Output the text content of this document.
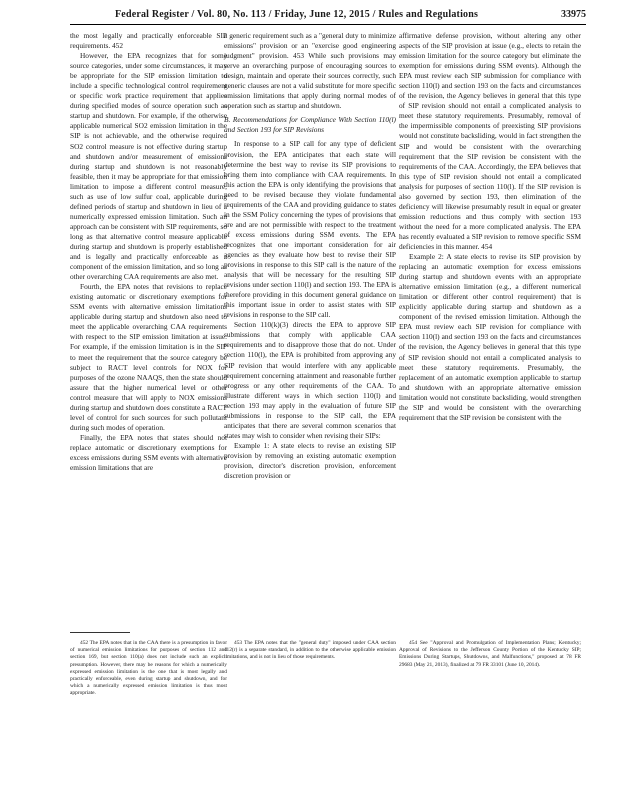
Federal Register / Vol. 80, No. 113 / Friday, June 12, 2015 / Rules and Regulations	33975

the most legally and practically enforceable SIP requirements. 452

However, the EPA recognizes that for some source categories, under some circumstances, it may be appropriate for the SIP emission limitation to include a specific technological control requirement or specific work practice requirement that applies during specified modes of source operation such as startup and shutdown. For example, if the otherwise applicable numerical SO2 emission limitation in the SIP is not achievable, and the otherwise required SO2 control measure is not effective during startup and shutdown and/or measurement of emissions during startup and shutdown is not reasonably feasible, then it may be appropriate for that emission limitation to impose a different control measure, such as use of low sulfur coal, applicable during defined periods of startup and shutdown in lieu of a numerically expressed emission limitation. Such an approach can be consistent with SIP requirements, so long as that alternative control measure applicable during startup and shutdown is properly established and is legally and practically enforceable as a component of the emission limitation, and so long as other overarching CAA requirements are also met.

Fourth, the EPA notes that revisions to replace existing automatic or discretionary exemptions for SSM events with alternative emission limitations applicable during startup and shutdown also need to meet the applicable overarching CAA requirements with respect to the SIP emission limitation at issue. For example, if the emission limitation is in the SIP to meet the requirement that the source category be subject to RACT level controls for NOX for purposes of the ozone NAAQS, then the state should assure that the higher numerical level or other control measure that will apply to NOX emissions during startup and shutdown does constitute a RACT level of control for such sources for such pollutant during such modes of operation.

Finally, the EPA notes that states should not replace automatic or discretionary exemptions for excess emissions during SSM events with alternative emission limitations that are

a generic requirement such as a "general duty to minimize emissions" provision or an "exercise good engineering judgment" provision. 453 While such provisions may serve an overarching purpose of encouraging sources to design, maintain and operate their sources correctly, such generic clauses are not a valid substitute for more specific emission limitations that apply during normal modes of operation such as startup and shutdown.

B. Recommendations for Compliance With Section 110(l) and Section 193 for SIP Revisions

In response to a SIP call for any type of deficient provision, the EPA anticipates that each state will determine the best way to revise its SIP provisions to bring them into compliance with CAA requirements. In this action the EPA is only identifying the provisions that need to be revised because they violate fundamental requirements of the CAA and providing guidance to states in the SSM Policy concerning the types of provisions that are and are not permissible with respect to the treatment of excess emissions during SSM events. The EPA recognizes that one important consideration for air agencies as they evaluate how best to revise their SIP provisions in response to this SIP call is the nature of the analysis that will be necessary for the resulting SIP revisions under section 110(l) and section 193. The EPA is therefore providing in this document general guidance on this important issue in order to assist states with SIP revisions in response to the SIP call.

Section 110(k)(3) directs the EPA to approve SIP submissions that comply with applicable CAA requirements and to disapprove those that do not. Under section 110(l), the EPA is prohibited from approving any SIP revision that would interfere with any applicable requirement concerning attainment and reasonable further progress or any other requirements of the CAA. To illustrate different ways in which section 110(l) and section 193 may apply in the evaluation of future SIP submissions in response to the SIP call, the EPA anticipates that there are several common scenarios that states may wish to consider when revising their SIPs:

Example 1: A state elects to revise an existing SIP provision by removing an existing automatic exemption provision, director's discretion provision, enforcement discretion provision or

affirmative defense provision, without altering any other aspects of the SIP provision at issue (e.g., elects to retain the emission limitation for the source category but eliminate the exemption for emissions during SSM events). Although the EPA must review each SIP submission for compliance with section 110(l) and section 193 on the facts and circumstances of the revision, the Agency believes in general that this type of SIP revision should not entail a complicated analysis to meet these statutory requirements. Presumably, removal of the impermissible components of preexisting SIP provisions would not constitute backsliding, would in fact strengthen the SIP and would be consistent with the overarching requirement that the SIP revision be consistent with the requirements of the CAA. Accordingly, the EPA believes that this type of SIP revision should not entail a complicated analysis for purposes of section 110(l). If the SIP revision is also governed by section 193, then elimination of the deficiency will likewise presumably result in equal or greater emission reductions and thus comply with section 193 without the need for a more complicated analysis. The EPA has recently evaluated a SIP revision to remove specific SSM deficiencies in this manner. 454

Example 2: A state elects to revise its SIP provision by replacing an automatic exemption for excess emissions during startup and shutdown events with an appropriate alternative emission limitation (e.g., a different numerical limitation or different other control requirement) that is explicitly applicable during startup and shutdown as a component of the revised emission limitation. Although the EPA must review each SIP revision for compliance with section 110(l) and section 193 on the facts and circumstances of the revision, the Agency believes in general that this type of SIP revision should not entail a complicated analysis to meet these statutory requirements. Presumably, the replacement of an automatic exemption applicable to startup and shutdown with an appropriate alternative emission limitation would not constitute backsliding, would strengthen the SIP and would be consistent with the overarching requirement that the SIP revision be consistent with the

452 The EPA notes that in the CAA there is a presumption in favor of numerical emission limitations for purposes of section 112 and section 169, but section 110(a) does not include such an explicit presumption. However, there may be reasons for which a numerically expressed emission limitation is the one that is most legally and practically enforceable, even during startup and shutdown, and for which a numerically expressed emission limitation is thus most appropriate.

453 The EPA notes that the "general duty" imposed under CAA section 112(r) is a separate standard, in addition to the otherwise applicable emission limitations, and is not in lieu of those requirements.

454 See "Approval and Promulgation of Implementation Plans; Kentucky; Approval of Revisions to the Jefferson County Portion of the Kentucky SIP; Emissions During Startups, Shutdowns, and Malfunctions," proposed at 78 FR 29683 (May 21, 2013), finalized at 79 FR 33101 (June 10, 2014).
